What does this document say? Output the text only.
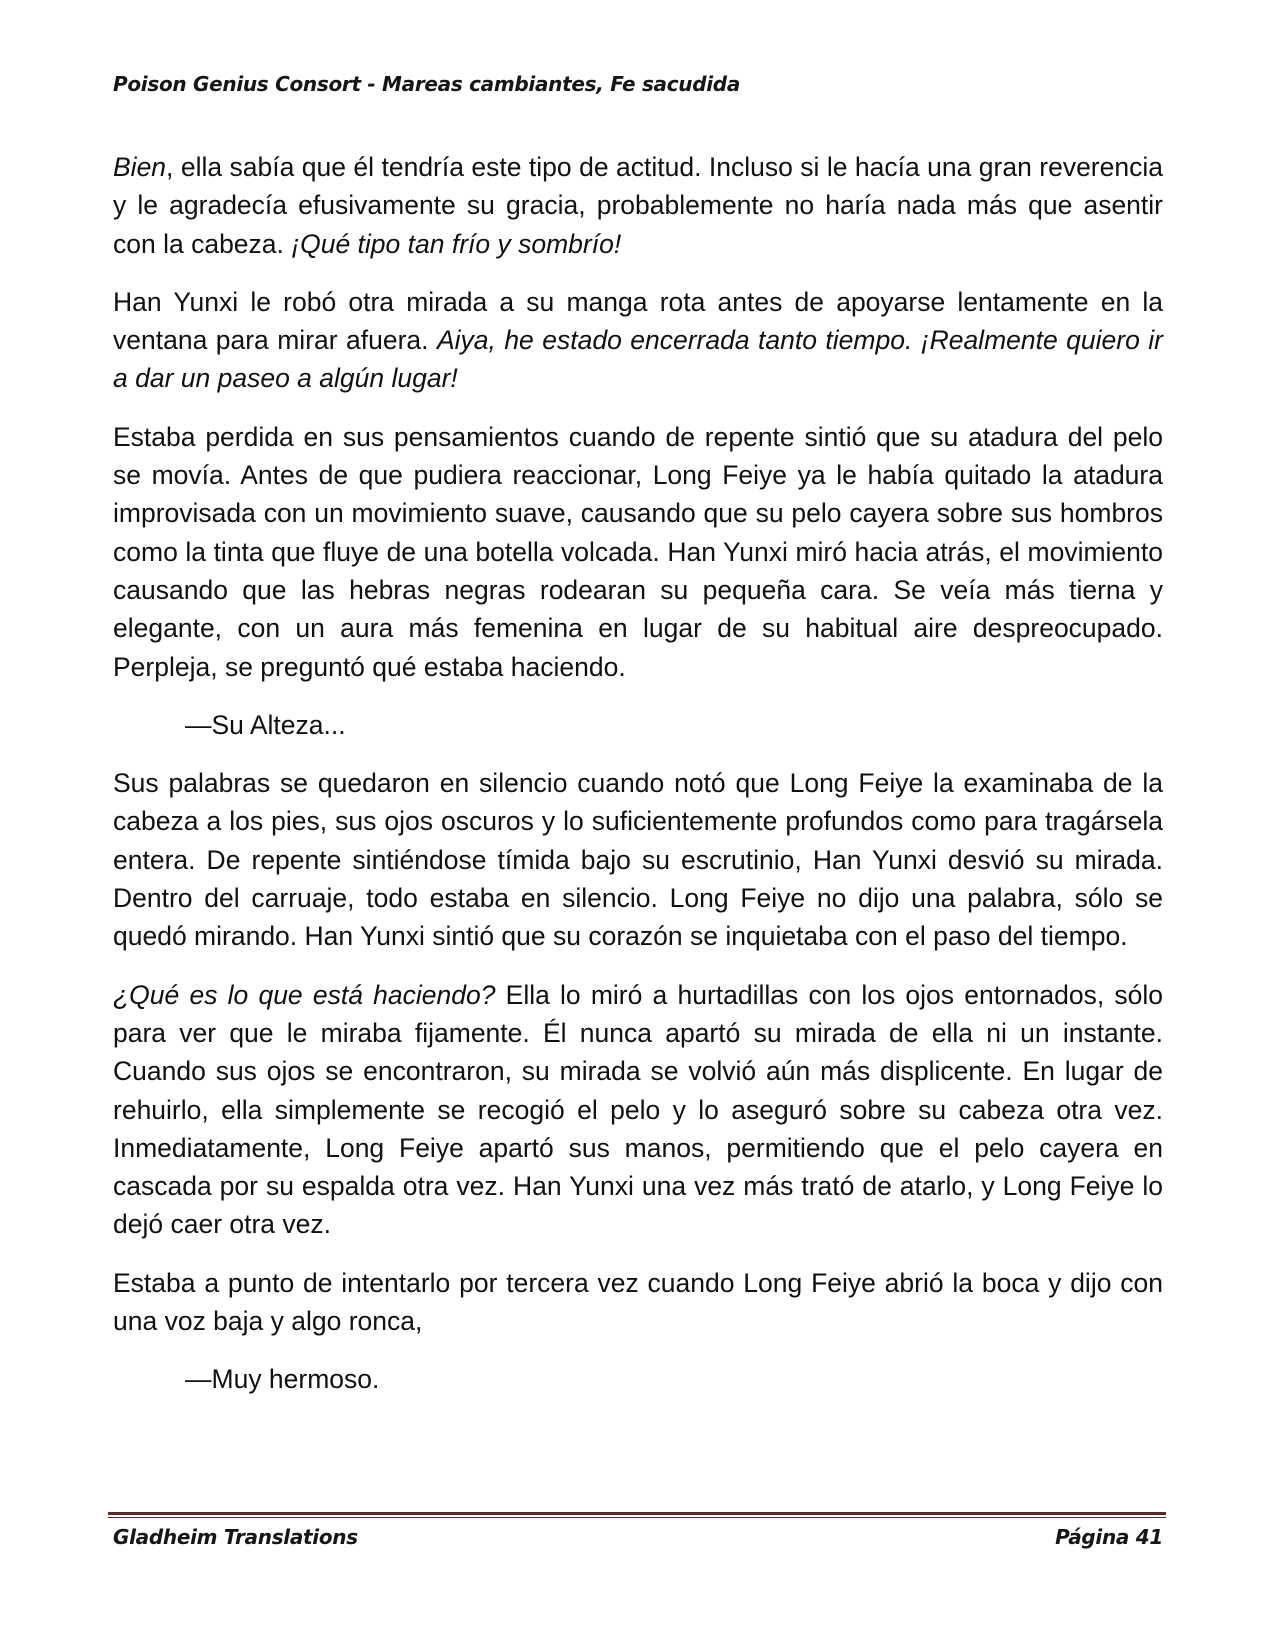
Poison Genius Consort - Mareas cambiantes, Fe sacudida

Bien, ella sabía que él tendría este tipo de actitud. Incluso si le hacía una gran reverencia y le agradecía efusivamente su gracia, probablemente no haría nada más que asentir con la cabeza. ¡Qué tipo tan frío y sombrío!

Han Yunxi le robó otra mirada a su manga rota antes de apoyarse lentamente en la ventana para mirar afuera. Aiya, he estado encerrada tanto tiempo. ¡Realmente quiero ir a dar un paseo a algún lugar!

Estaba perdida en sus pensamientos cuando de repente sintió que su atadura del pelo se movía. Antes de que pudiera reaccionar, Long Feiye ya le había quitado la atadura improvisada con un movimiento suave, causando que su pelo cayera sobre sus hombros como la tinta que fluye de una botella volcada. Han Yunxi miró hacia atrás, el movimiento causando que las hebras negras rodearan su pequeña cara. Se veía más tierna y elegante, con un aura más femenina en lugar de su habitual aire despreocupado. Perpleja, se preguntó qué estaba haciendo.

—Su Alteza...

Sus palabras se quedaron en silencio cuando notó que Long Feiye la examinaba de la cabeza a los pies, sus ojos oscuros y lo suficientemente profundos como para tragársela entera. De repente sintiéndose tímida bajo su escrutinio, Han Yunxi desvió su mirada. Dentro del carruaje, todo estaba en silencio. Long Feiye no dijo una palabra, sólo se quedó mirando. Han Yunxi sintió que su corazón se inquietaba con el paso del tiempo.

¿Qué es lo que está haciendo? Ella lo miró a hurtadillas con los ojos entornados, sólo para ver que le miraba fijamente. Él nunca apartó su mirada de ella ni un instante. Cuando sus ojos se encontraron, su mirada se volvió aún más displicente. En lugar de rehuirlo, ella simplemente se recogió el pelo y lo aseguró sobre su cabeza otra vez. Inmediatamente, Long Feiye apartó sus manos, permitiendo que el pelo cayera en cascada por su espalda otra vez. Han Yunxi una vez más trató de atarlo, y Long Feiye lo dejó caer otra vez.

Estaba a punto de intentarlo por tercera vez cuando Long Feiye abrió la boca y dijo con una voz baja y algo ronca,

—Muy hermoso.

Gladheim Translations	Página 41
